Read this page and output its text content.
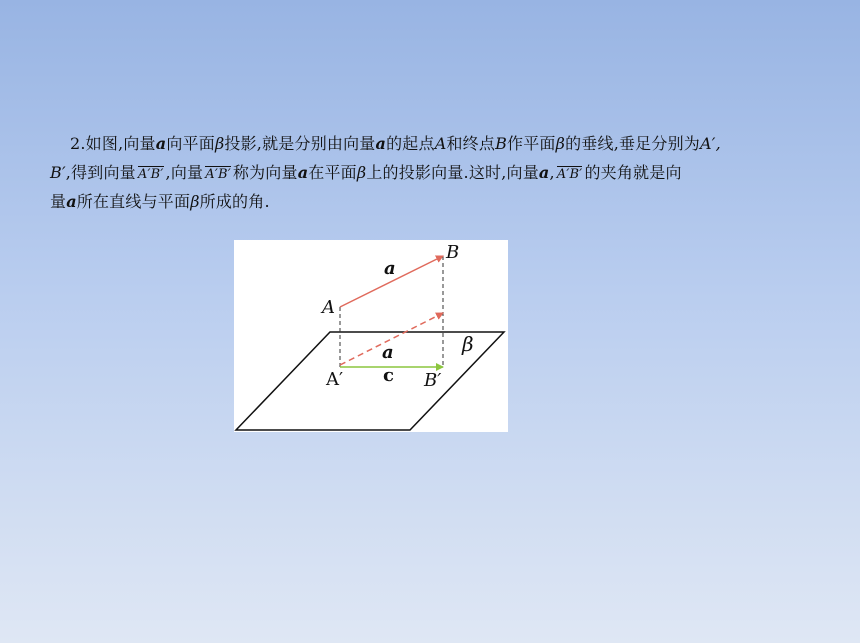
2.如图,向量a向平面β投影,就是分别由向量a的起点A和终点B作平面β的垂线,垂足分别为A′,
B′,得到向量 A′B′ ,向量 A′B′ 称为向量a在平面β上的投影向量.这时,向量a, A′B′ 的夹角就是向
量a所在直线与平面β所成的角.
B
A
a
a
c
A′	B′
β
